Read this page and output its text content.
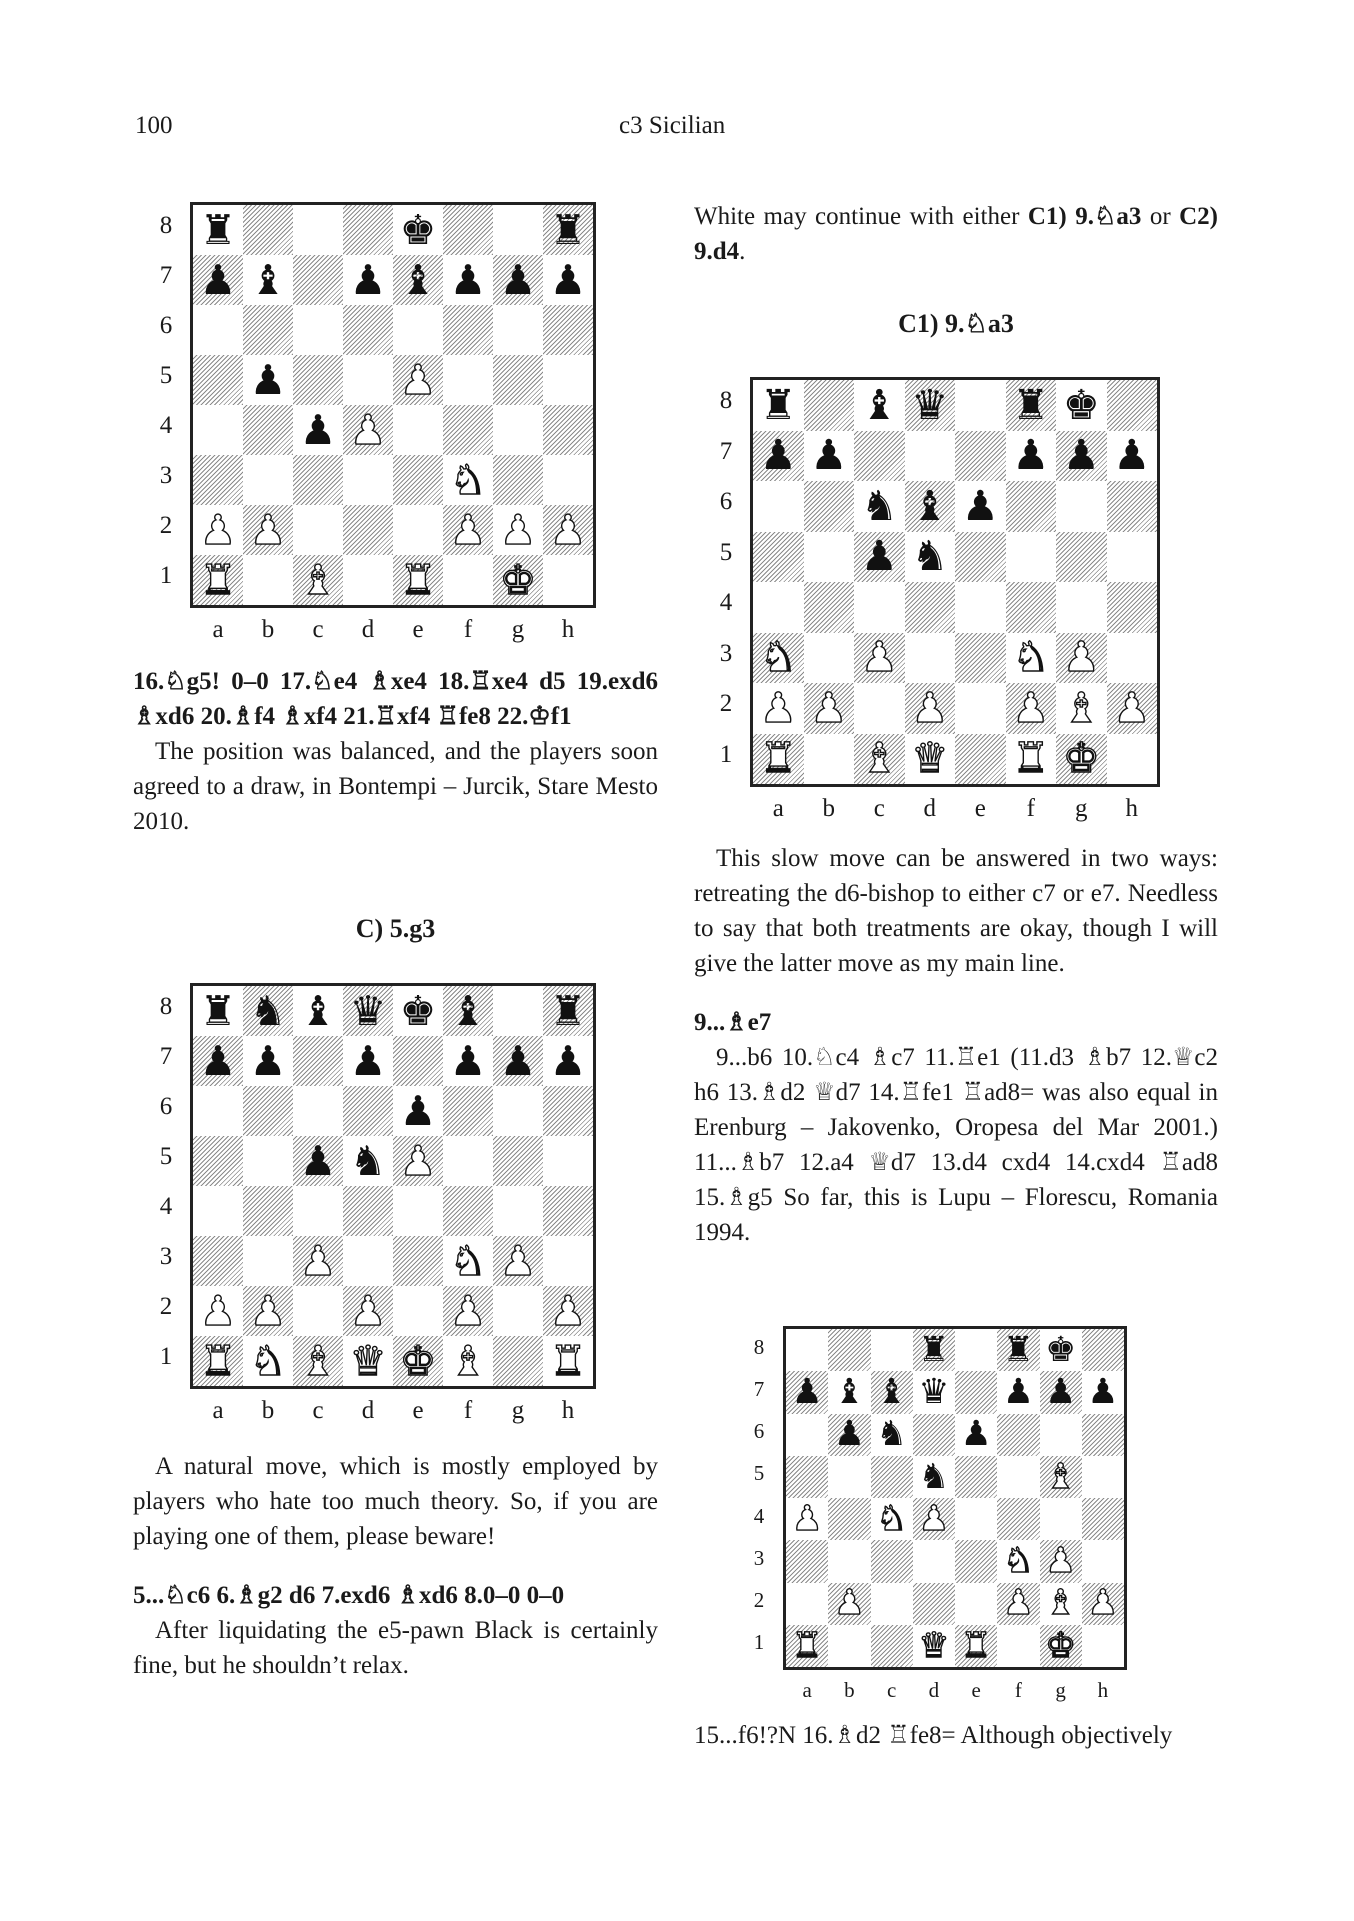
100	c3 Sicilian
♜	♚	♜
♟ ♝ ♟ ♝ ♟ ♟ ♟
♟	♟
♟ ♟
♞
♟ ♟	♟ ♟ ♟
♜ ♝ ♜ ♚
8
7
6
5
4
3
2
1
a	b	c	d	e	f	g	h
♜ ♞ ♝ ♛ ♚ ♝ ♜
♟ ♟ ♟ ♟ ♟ ♟
♟
♟ ♞ ♟
♟	♞ ♟
♟ ♟ ♟ ♟ ♟
♜ ♞ ♝ ♛ ♚ ♝ ♜
8
7
6
5
4
3
2
1
a	b	c	d	e	f	g	h
♜ ♝ ♛ ♜ ♚
♟ ♟	♟ ♟ ♟
♞ ♝ ♟
♟ ♞
♞ ♟	♞ ♟
♟ ♟ ♟ ♟ ♝ ♟
♜ ♝ ♛ ♜ ♚
8
7
6
5
4
3
2
1
a	b	c	d	e	f	g	h
♜ ♜ ♚
♟ ♝ ♝ ♛ ♟ ♟ ♟
♟ ♞ ♟
♞	♝
♟ ♞ ♟
♞ ♟
♟	♟ ♝ ♟
♜	♛ ♜ ♚
8
7
6
5
4
3
2
1
a	b	c	d	e	f	g	h

16.♘g5! 0–0 17.♘e4 ♗xe4 18.♖xe4 d5 19.exd6 ♗xd6 20.♗f4 ♗xf4 21.♖xf4 ♖fe8 22.♔f1

The position was balanced, and the players soon agreed to a draw, in Bontempi – Jurcik, Stare Mesto 2010.

C) 5.g3

A natural move, which is mostly employed by players who hate too much theory. So, if you are playing one of them, please beware!

5...♘c6 6.♗g2 d6 7.exd6 ♗xd6 8.0–0 0–0

After liquidating the e5-pawn Black is certainly fine, but he shouldn’t relax.

White may continue with either C1) 9.♘a3 or C2) 9.d4.

C1) 9.♘a3

This slow move can be answered in two ways: retreating the d6-bishop to either c7 or e7. Needless to say that both treatments are okay, though I will give the latter move as my main line.

9...♗e7

9...b6 10.♘c4 ♗c7 11.♖e1 (11.d3 ♗b7 12.♕c2 h6 13.♗d2 ♕d7 14.♖fe1 ♖ad8= was also equal in Erenburg – Jakovenko, Oropesa del Mar 2001.) 11...♗b7 12.a4 ♕d7 13.d4 cxd4 14.cxd4 ♖ad8 15.♗g5 So far, this is Lupu – Florescu, Romania 1994.

15...f6!?N 16.♗d2 ♖fe8= Although objectively
